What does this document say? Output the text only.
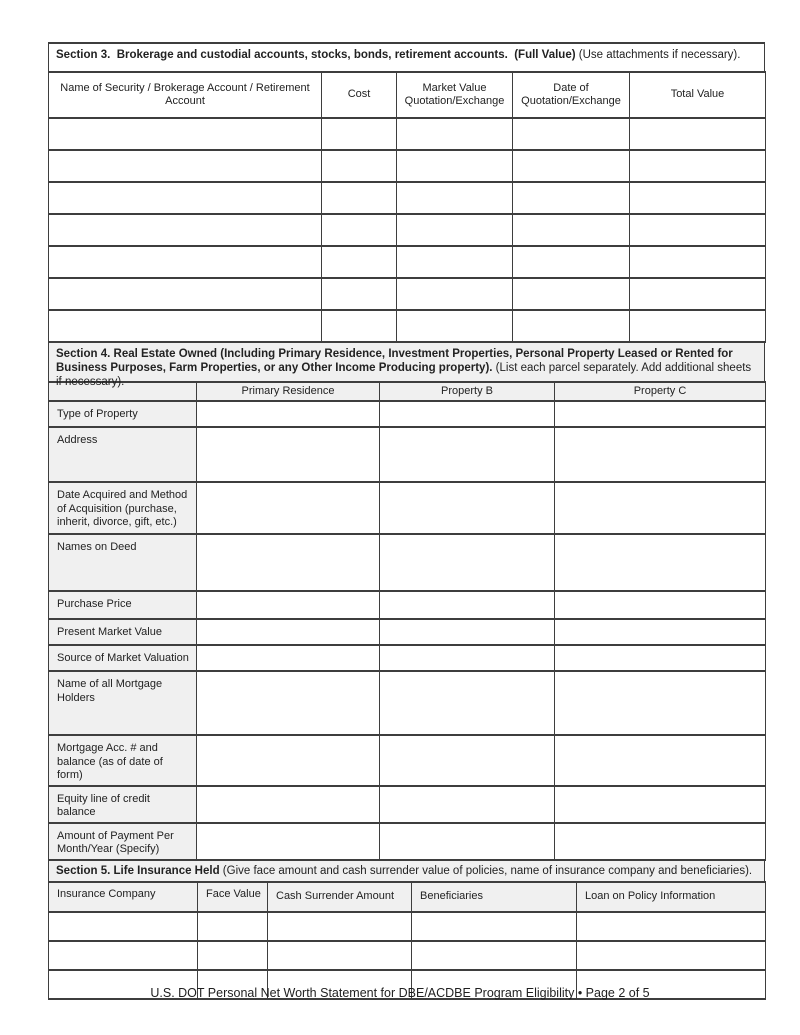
Section 3.  Brokerage and custodial accounts, stocks, bonds, retirement accounts.  (Full Value) (Use attachments if necessary).
Name of Security / Brokerage Account / Retirement Account	Cost	Market Value Quotation/Exchange	Date of Quotation/Exchange	Total Value

Section 4. Real Estate Owned (Including Primary Residence, Investment Properties, Personal Property Leased or Rented for Business Purposes, Farm Properties, or any Other Income Producing property). (List each parcel separately. Add additional sheets if necessary).
	Primary Residence	Property B	Property C
Type of Property			
Address			
Date Acquired and Method of Acquisition (purchase, inherit, divorce, gift, etc.)			
Names on Deed			
Purchase Price			
Present Market Value			
Source of Market Valuation			
Name of all Mortgage Holders			
Mortgage Acc. # and balance (as of date of form)			
Equity line of credit balance			
Amount of Payment Per Month/Year (Specify)			
Section 5. Life Insurance Held (Give face amount and cash surrender value of policies, name of insurance company and beneficiaries).
Insurance Company	Face Value	Cash Surrender Amount	Beneficiaries	Loan on Policy Information

U.S. DOT Personal Net Worth Statement for DBE/ACDBE Program Eligibility • Page 2 of 5
